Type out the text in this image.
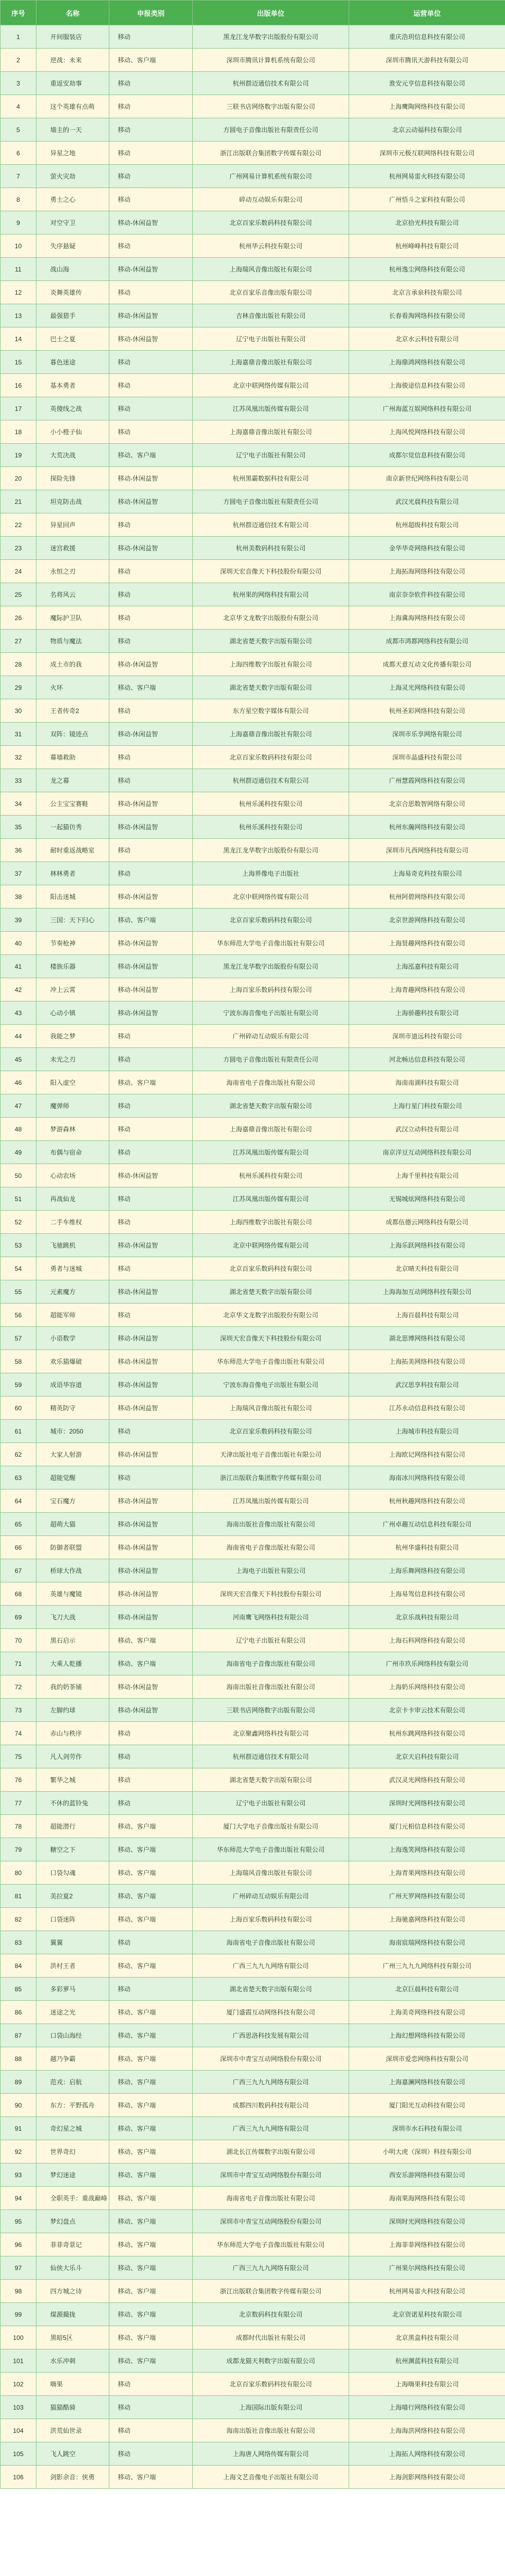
序号	名称	申报类别	出版单位	运营单位
1	开间服装店	移动	黑龙江龙华数字出版股份有限公司	重庆浩玥信息科技有限公司
2	逆战：未来	移动、客户端	深圳市腾讯计算机系统有限公司	深圳市腾讯天游科技有限公司
3	重返安劫事	移动	杭州群迈通信技术有限公司	淮安元亨信息科技有限公司
4	这个英雄有点萌	移动	三联书店网络数字出版有限公司	上海鹰陶网络科技有限公司
5	墙主的一天	移动	方圆电子音像出版社有限责任公司	北京云动福科技有限公司
6	异星之地	移动	浙江出版联合集团数字传媒有限公司	深圳市元极互联网络科技有限公司
7	萤火灾劫	移动	广州网易计算机系统有限公司	杭州网易雷火科技有限公司
8	勇士之心	移动	碎动互动娱乐有限公司	广州悟斗之家科技有限公司
9	对空守卫	移动-休闲益智	北京百家乐数码科技有限公司	北京拾光科技有限公司
10	失序悬疑	移动	杭州华云科技有限公司	杭州峰峰科技有限公司
11	战山海	移动-休闲益智	上海瑞风音像出版社有限公司	杭州逸尘网络科技有限公司
12	炎舞英雄传	移动	北京百家乐音像出版有限公司	北京言承泉科技有限公司
13	最强猎手	移动-休闲益智	吉林音像出版社有限公司	长春看淘网络科技有限公司
14	巴士之夏	移动-休闲益智	辽宁电子出版社有限公司	北京水云科技有限公司
15	暮色迷途	移动	上海嘉鼎音像出版社有限公司	上海鼎鸿网络科技有限公司
16	基本勇者	移动	北京中联网络传媒有限公司	上海骏途信息科技有限公司
17	英傻线之战	移动	江苏凤凰出版传媒有限公司	广州海蓝互娱网络科技有限公司
18	小小橙子仙	移动	上海嘉鼎音像出版社有限公司	上海风悦网络科技有限公司
19	大荒决战	移动、客户端	辽宁电子出版社有限公司	成都尔觉信息科技有限公司
20	探险先锋	移动-休闲益智	杭州黑霸数据科技有限公司	南京新世纪网络科技有限公司
21	坦克防击战	移动-休闲益智	方圆电子音像出版社有限责任公司	武汉光晨科技有限公司
22	异星回声	移动	杭州群迈通信技术有限公司	杭州超级科技有限公司
23	迷宫救援	移动-休闲益智	杭州美数码科技有限公司	金华华奇网络科技有限公司
24	永恒之刃	移动	深圳天宏音像天下科技股份有限公司	上海拓海网络科技有限公司
25	名将风云	移动	杭州果的网络科技有限公司	南京奈奈软件科技有限公司
26	魔际护卫队	移动	北京华文龙数字出版股份有限公司	上海冀海网络科技有限公司
27	物质与魔法	移动	湖北省楚天数字出版有限公司	成都市鸿都网络科技有限公司
28	成土市的我	移动-休闲益智	上海四维数字出版社有限公司	成都天意互动文化传播有限公司
29	火环	移动、客户端	湖北省楚天数字出版有限公司	上海灵光网络科技有限公司
30	王者传奇2	移动	东方星空数字媒体有限公司	杭州圣彩网络科技有限公司
31	双阵：镜迹点	移动-休闲益智	上海嘉鼎音像出版社有限公司	深圳市乐享网络有限公司
32	幕墙救助	移动	北京百家乐数码科技有限公司	深圳市晶盛科技有限公司
33	龙之幕	移动	杭州群迈通信技术有限公司	广州慧霞网络科技有限公司
34	公主宝宝赛鞋	移动-休闲益智	杭州乐溪科技有限公司	北京合思数智网络有限公司
35	一起猫仿秀	移动-休闲益智	杭州乐溪科技有限公司	杭州东瀚网络科技有限公司
36	耐时重返战略室	移动	黑龙江龙华数字出版股份有限公司	深圳市凡西网络科技有限公司
37	林林勇者	移动	上海界像电子出版社	上海易奇克科技有限公司
38	阳击迷城	移动-休闲益智	北京中联网络传媒有限公司	杭州阿碧网络科技有限公司
39	三国：天下归心	移动、客户端	北京百家乐数码科技有限公司	北京世游网络科技有限公司
40	节奏枪神	移动-休闲益智	华东师范大学电子音像出版社有限公司	上海贤趣网络科技有限公司
41	楼族乐器	移动-休闲益智	黑龙江龙华数字出版股份有限公司	上海泓嘉科技有限公司
42	冲上云霄	移动-休闲益智	上海百家乐数码科技有限公司	上海青趣网络科技有限公司
43	心动小镇	移动-休闲益智	宁波东海音像电子出版社有限公司	上海骄趣科技有限公司
44	我能之梦	移动	广州碎动互动娱乐有限公司	深圳市道远科技有限公司
45	末光之刃	移动	方圆电子音像出版社有限责任公司	河北畅达信息科技有限公司
46	阳入虚空	移动、客户端	海南省电子音像出版社有限公司	海南南湖科技有限公司
47	魔弹师	移动	湖北省楚天数字出版有限公司	上海行星门科技有限公司
48	梦游森林	移动	上海嘉鼎音像出版社有限公司	武汉立动科技有限公司
49	布偶与宿命	移动	江苏凤凰出版传媒有限公司	南京洋豆互动网络科技有限公司
50	心动农场	移动-休闲益智	杭州乐溪科技有限公司	上海千里科技有限公司
51	再战仙龙	移动	江苏凤凰出版传媒有限公司	无锡城炫网络科技有限公司
52	二手车维权	移动	上海四维数字出版社有限公司	成都伍德云网络科技有限公司
53	飞驰跳机	移动-休闲益智	北京中联网络传媒有限公司	上海乐跃网络科技有限公司
54	勇者与迷城	移动	北京百家乐数码科技有限公司	北京晴天科技有限公司
55	元素魔方	移动-休闲益智	湖北省楚天数字出版有限公司	上海海加互动网络科技有限公司
56	超能军师	移动	北京华文龙数字出版股份有限公司	上海百晨科技有限公司
57	小语数学	移动-休闲益智	深圳天宏音像天下科技股份有限公司	湖北思博网络科技有限公司
58	欢乐猫爆破	移动-休闲益智	华东师范大学电子音像出版社有限公司	上海拓美网络科技有限公司
59	成语华容道	移动-休闲益智	宁波东海音像电子出版社有限公司	武汉思享科技有限公司
60	精英防守	移动-休闲益智	上海瑞风音像出版社有限公司	江苏永动信息科技有限公司
61	城市：2050	移动	北京百家乐数码科技有限公司	上海城市科技有限公司
62	大家人射游	移动-休闲益智	天津出版社电子音像出版社有限公司	上海欧记网络科技有限公司
63	超能觉醒	移动	浙江出版联合集团数字传媒有限公司	海南冰川网络科技有限公司
64	宝石魔方	移动-休闲益智	江苏凤凰出版传媒有限公司	杭州秋趣网络科技有限公司
65	超萌大猫	移动-休闲益智	海南出版社音像出版社有限公司	广州卓趣互动信息科技有限公司
66	防御者联盟	移动-休闲益智	海南省电子音像出版社有限公司	杭州华盛科技有限公司
67	桥球大作战	移动-休闲益智	上海电子出版社有限公司	上海乐舞网络科技有限公司
68	英雄与魔镜	移动-休闲益智	深圳天宏音像天下科技股份有限公司	上海易驾信息科技有限公司
69	飞刀大战	移动-休闲益智	河南鹰飞网络科技有限公司	北京乐战科技有限公司
70	黑石启示	移动、客户端	辽宁电子出版社有限公司	上海石科网络科技有限公司
71	大乘人乾播	移动、客户端	海南省电子音像出版社有限公司	广州市玖乐网络科技有限公司
72	我的奶茶铺	移动-休闲益智	海南出版社音像出版社有限公司	上海奶乐网络科技有限公司
73	左脚约球	移动-休闲益智	三联书店网络数字出版有限公司	北京卡卡审云技术有限公司
74	赤山与秩序	移动	北京聚鑫网络科技有限公司	杭州东跳网络科技有限公司
75	凡人剑劳作	移动	杭州群迈通信技术有限公司	北京天启科技有限公司
76	繁华之城	移动	湖北省楚天数字出版有限公司	武汉灵光网络科技有限公司
77	不休的蓝铃兔	移动	辽宁电子出版社有限公司	深圳时光网络科技有限公司
78	超能潜行	移动、客户端	厦门大学电子音像出版社有限公司	厦门元相信息科技有限公司
79	糖空之下	移动、客户端	华东师范大学电子音像出版社有限公司	上海逸笑网络科技有限公司
80	口袋勾魂	移动、客户端	上海瑞风音像出版社有限公司	上海青果网络科技有限公司
81	美拉夏2	移动、客户端	广州碎动互动娱乐有限公司	广州天罗网络科技有限公司
82	口袋迷阵	移动、客户端	上海百家乐数码科技有限公司	上海驰嘉网络科技有限公司
83	翼翼	移动	海南省电子音像出版社有限公司	海南宸瑞网络科技有限公司
84	洪村王者	移动、客户端	广西三九九九网络有限公司	广州三九九九网络科技有限公司
85	多彩萝马	移动	湖北省楚天数字出版有限公司	北京巨晨科技有限公司
86	迷途之光	移动、客户端	厦门盛霞互动网络科技有限公司	上海美奇网络科技有限公司
87	口袋山海经	移动、客户端	广西思洛科技发展有限公司	上海幻想网络科技有限公司
88	越乃争霸	移动、客户端	深圳市中青宝互动网络股份有限公司	深圳市爱恋网络科技有限公司
89	范戎：启航	移动、客户端	广西三九九九网络有限公司	上海嘉澜网络科技有限公司
90	东方：平野孤舟	移动、客户端	成都四川数码科技有限公司	厦门阳光互动科技有限公司
91	奇幻星之城	移动、客户端	广西三九九九网络有限公司	深圳市水石科技有限公司
92	世界奇幻	移动、客户端	湖北长江传媒数字出版有限公司	小明大虎（深圳）科技有限公司
93	梦幻迷途	移动、客户端	深圳市中青宝互动网络股份有限公司	西安乐游网络科技有限公司
94	全职英手：重战巅峰	移动、客户端	海南省电子音像出版社有限公司	海南果海网络科技有限公司
95	梦幻盘点	移动、客户端	深圳市中青宝互动网络股份有限公司	深圳时光网络科技有限公司
96	菲菲奇景记	移动、客户端	华东师范大学电子音像出版社有限公司	上海菲菲网络科技有限公司
97	仙侠大乐斗	移动、客户端	广西三九九九网络有限公司	广州果尔网络科技有限公司
98	四方城之诗	移动、客户端	浙江出版联合集团数字传媒有限公司	杭州网易雷火科技有限公司
99	煤源撮拢	移动、客户端	北京数码科技有限公司	北京资诺星科技有限公司
100	黑暗5区	移动、客户端	成都时代出版社有限公司	北京黑盒科技有限公司
101	水乐冲刺	移动、客户端	成都龙猫天利数字出版有限公司	杭州渊蓝科技有限公司
102	嗨果	移动	北京百家乐数码科技有限公司	上海嗨果科技有限公司
103	猫猫酷骑	移动	上海国际出版有限公司	上海喵行网络科技有限公司
104	洪荒仙世录	移动	海南出版社音像出版社有限公司	上海海洪网络科技有限公司
105	飞人跳空	移动	上海唐人网络传媒有限公司	上海拓人网络科技有限公司
106	剑影余音：侠勇	移动、客户端	上海文艺音像电子出版社有限公司	上海剑影网络科技有限公司
